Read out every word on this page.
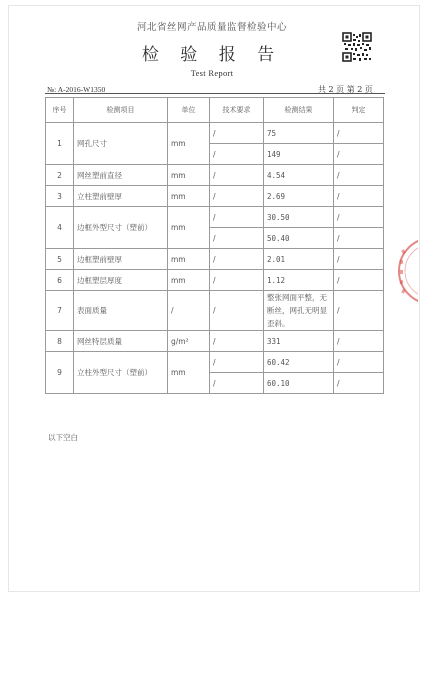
河北省丝网产品质量监督检验中心
检 验 报 告
Test Report
№: A-2016-W1350	共 2 页 第 2 页
序号	检测项目	单位	技术要求	检测结果	判定
1	网孔尺寸	mm	/	75	/
			/	149	/
2	网丝塑前直径	mm	/	4.54	/
3	立柱塑前壁厚	mm	/	2.69	/
4	边框外型尺寸（塑前）	mm	/	30.50	/
			/	50.40	/
5	边框塑前壁厚	mm	/	2.01	/
6	边框塑层厚度	mm	/	1.12	/
7	表面质量	/	/	整张网面平整，无断丝，网孔无明显歪斜。	/
8	网丝特层质量	g/m²	/	331	/
9	立柱外型尺寸（塑前）	mm	/	60.42	/
			/	60.10	/
以下空白
